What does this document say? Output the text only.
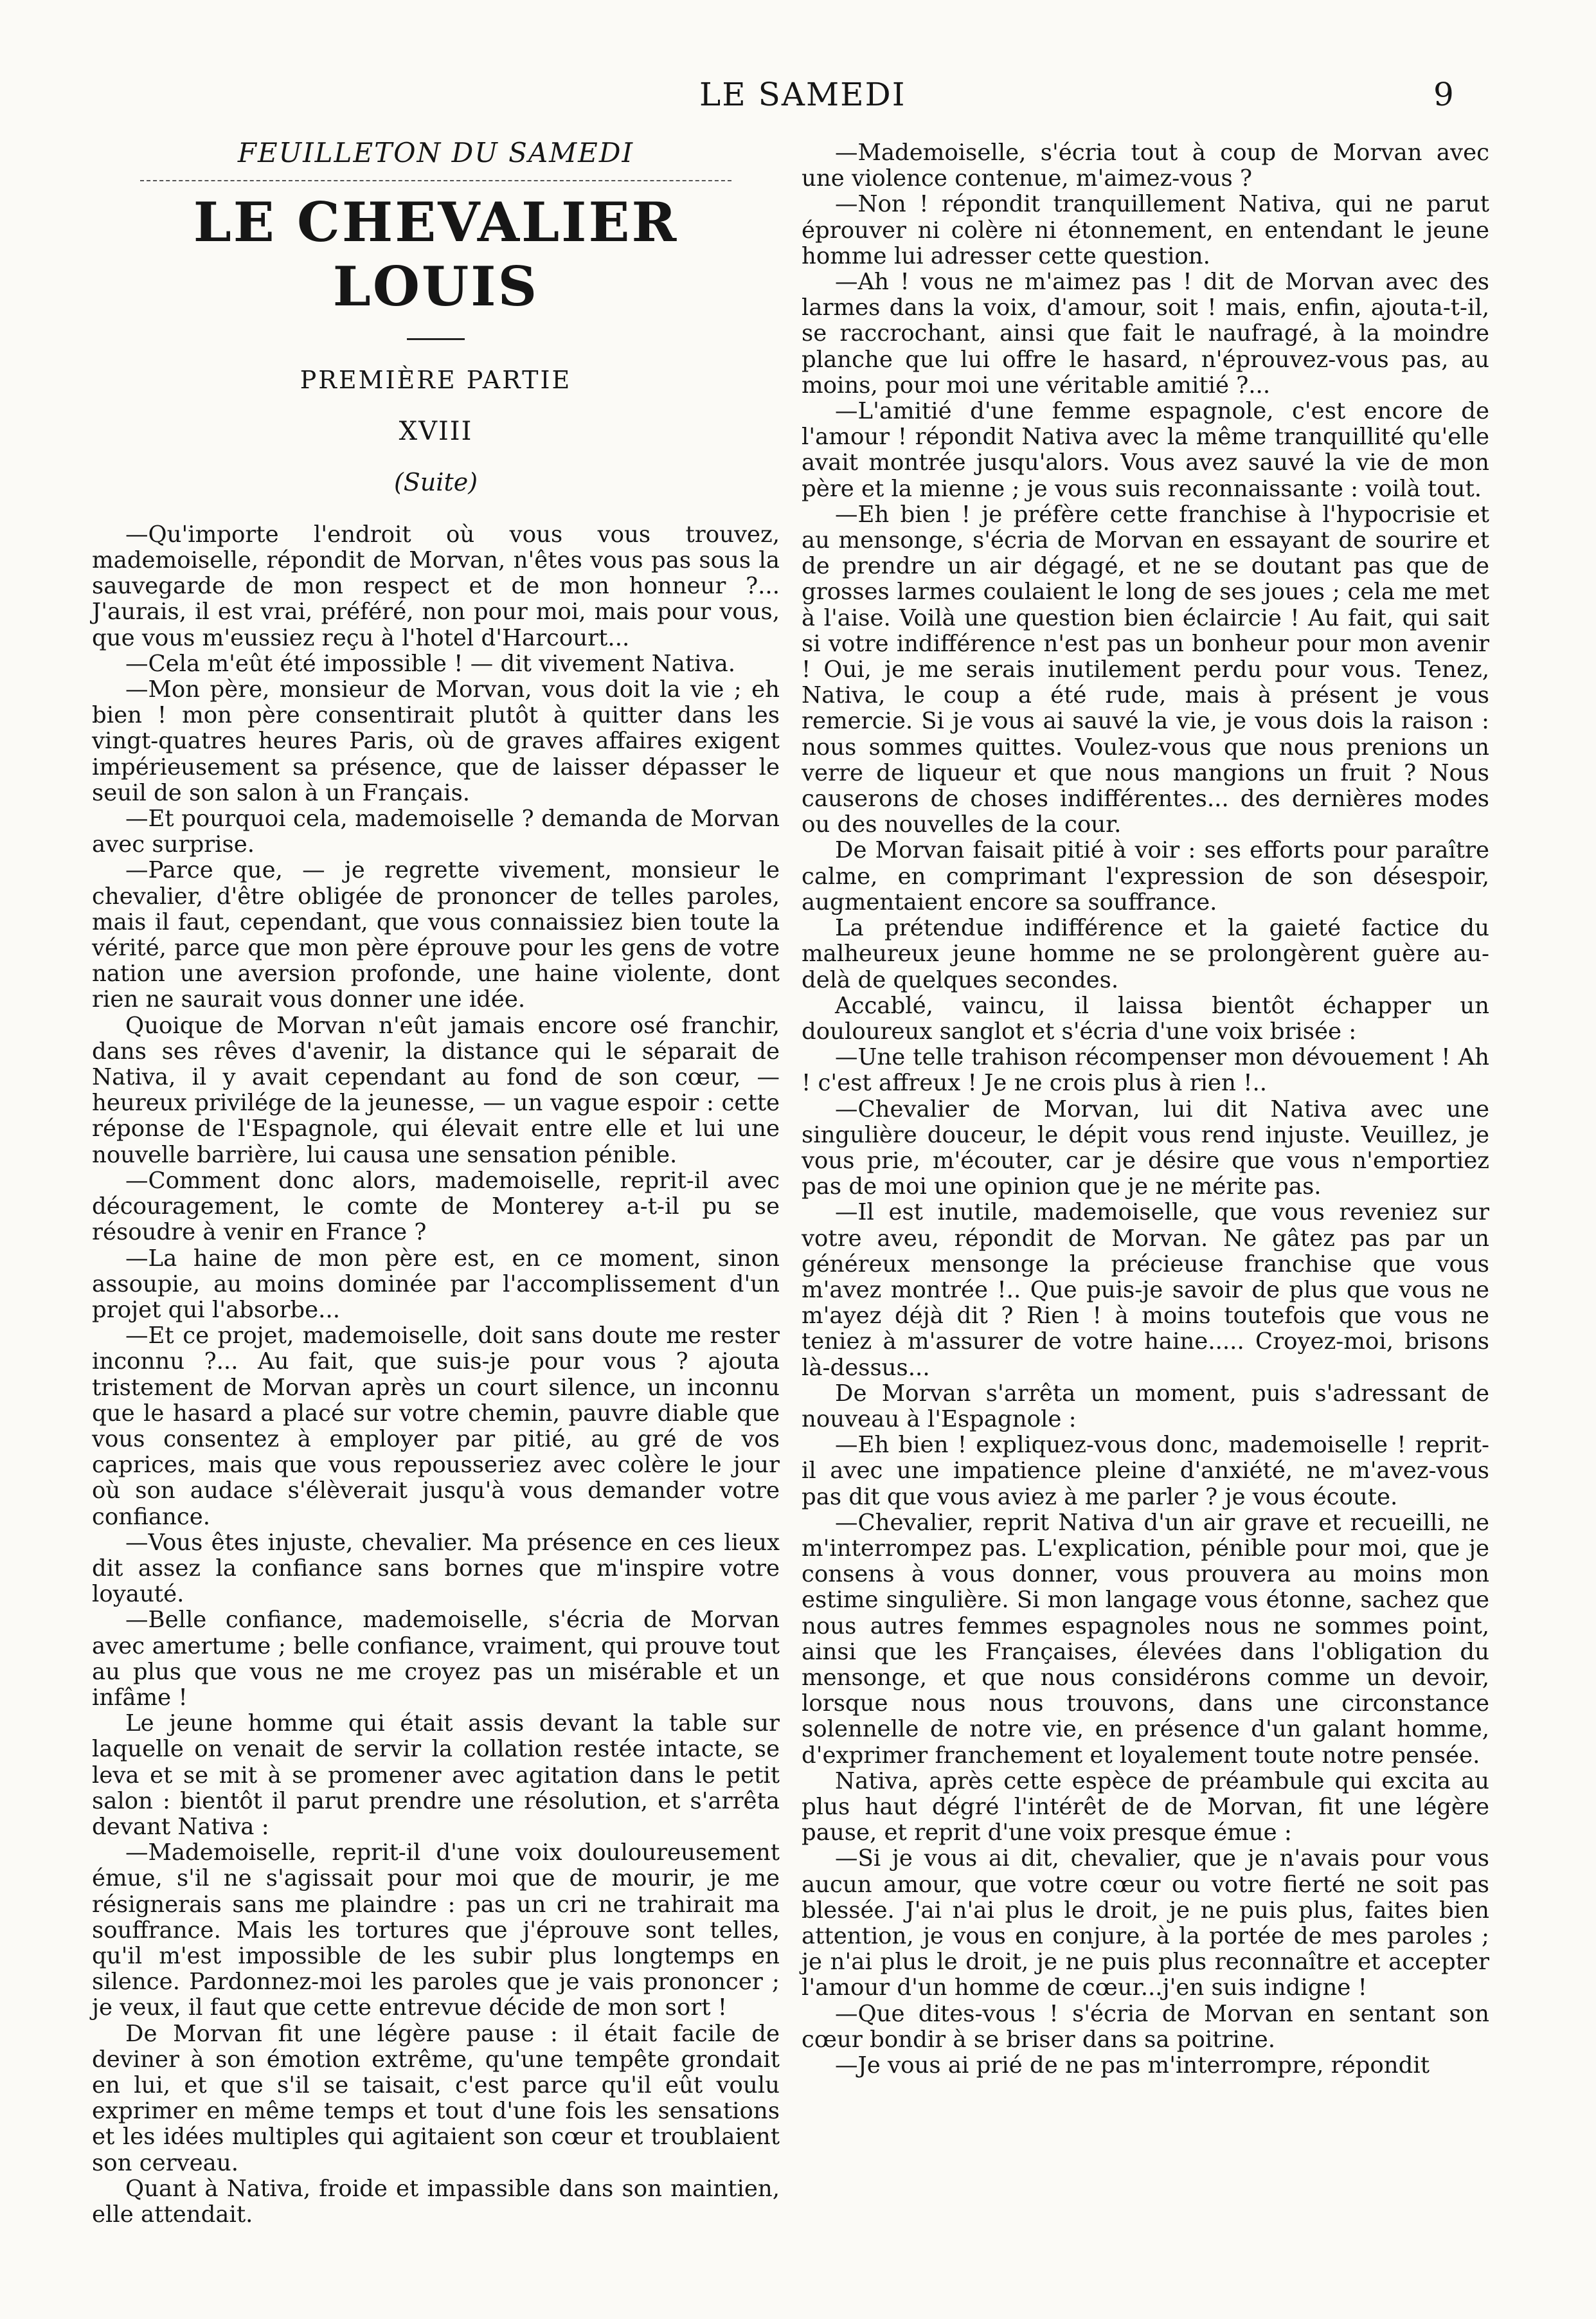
LE SAMEDI	9
FEUILLETON DU SAMEDI
LE CHEVALIER LOUIS
PREMIÈRE PARTIE
XVIII
(Suite)

—Qu'importe l'endroit où vous vous trouvez, mademoiselle, répondit de Morvan, n'êtes vous pas sous la sauvegarde de mon respect et de mon honneur ?... J'aurais, il est vrai, préféré, non pour moi, mais pour vous, que vous m'eussiez reçu à l'hotel d'Harcourt...

—Cela m'eût été impossible ! — dit vivement Nativa.

—Mon père, monsieur de Morvan, vous doit la vie ; eh bien ! mon père consentirait plutôt à quitter dans les vingt-quatres heures Paris, où de graves affaires exigent impérieusement sa présence, que de laisser dépasser le seuil de son salon à un Français.

—Et pourquoi cela, mademoiselle ? demanda de Morvan avec surprise.

—Parce que, — je regrette vivement, monsieur le chevalier, d'être obligée de prononcer de telles paroles, mais il faut, cependant, que vous connaissiez bien toute la vérité, parce que mon père éprouve pour les gens de votre nation une aversion profonde, une haine violente, dont rien ne saurait vous donner une idée.

Quoique de Morvan n'eût jamais encore osé franchir, dans ses rêves d'avenir, la distance qui le séparait de Nativa, il y avait cependant au fond de son cœur, — heureux privilége de la jeunesse, — un vague espoir : cette réponse de l'Espagnole, qui élevait entre elle et lui une nouvelle barrière, lui causa une sensation pénible.

—Comment donc alors, mademoiselle, reprit-il avec découragement, le comte de Monterey a-t-il pu se résoudre à venir en France ?

—La haine de mon père est, en ce moment, sinon assoupie, au moins dominée par l'accomplissement d'un projet qui l'absorbe...

—Et ce projet, mademoiselle, doit sans doute me rester inconnu ?... Au fait, que suis-je pour vous ? ajouta tristement de Morvan après un court silence, un inconnu que le hasard a placé sur votre chemin, pauvre diable que vous consentez à employer par pitié, au gré de vos caprices, mais que vous repousseriez avec colère le jour où son audace s'élèverait jusqu'à vous demander votre confiance.

—Vous êtes injuste, chevalier. Ma présence en ces lieux dit assez la confiance sans bornes que m'inspire votre loyauté.

—Belle confiance, mademoiselle, s'écria de Morvan avec amertume ; belle confiance, vraiment, qui prouve tout au plus que vous ne me croyez pas un misérable et un infâme !

Le jeune homme qui était assis devant la table sur laquelle on venait de servir la collation restée intacte, se leva et se mit à se promener avec agitation dans le petit salon : bientôt il parut prendre une résolution, et s'arrêta devant Nativa :

—Mademoiselle, reprit-il d'une voix douloureusement émue, s'il ne s'agissait pour moi que de mourir, je me résignerais sans me plaindre : pas un cri ne trahirait ma souffrance. Mais les tortures que j'éprouve sont telles, qu'il m'est impossible de les subir plus longtemps en silence. Pardonnez-moi les paroles que je vais prononcer ; je veux, il faut que cette entrevue décide de mon sort !

De Morvan fit une légère pause : il était facile de deviner à son émotion extrême, qu'une tempête grondait en lui, et que s'il se taisait, c'est parce qu'il eût voulu exprimer en même temps et tout d'une fois les sensations et les idées multiples qui agitaient son cœur et troublaient son cerveau.

Quant à Nativa, froide et impassible dans son maintien, elle attendait.

—Mademoiselle, s'écria tout à coup de Morvan avec une violence contenue, m'aimez-vous ?

—Non ! répondit tranquillement Nativa, qui ne parut éprouver ni colère ni étonnement, en entendant le jeune homme lui adresser cette question.

—Ah ! vous ne m'aimez pas ! dit de Morvan avec des larmes dans la voix, d'amour, soit ! mais, enfin, ajouta-t-il, se raccrochant, ainsi que fait le naufragé, à la moindre planche que lui offre le hasard, n'éprouvez-vous pas, au moins, pour moi une véritable amitié ?...

—L'amitié d'une femme espagnole, c'est encore de l'amour ! répondit Nativa avec la même tranquillité qu'elle avait montrée jusqu'alors. Vous avez sauvé la vie de mon père et la mienne ; je vous suis reconnaissante : voilà tout.

—Eh bien ! je préfère cette franchise à l'hypocrisie et au mensonge, s'écria de Morvan en essayant de sourire et de prendre un air dégagé, et ne se doutant pas que de grosses larmes coulaient le long de ses joues ; cela me met à l'aise. Voilà une question bien éclaircie ! Au fait, qui sait si votre indifférence n'est pas un bonheur pour mon avenir ! Oui, je me serais inutilement perdu pour vous. Tenez, Nativa, le coup a été rude, mais à présent je vous remercie. Si je vous ai sauvé la vie, je vous dois la raison : nous sommes quittes. Voulez-vous que nous prenions un verre de liqueur et que nous mangions un fruit ? Nous causerons de choses indifférentes... des dernières modes ou des nouvelles de la cour.

De Morvan faisait pitié à voir : ses efforts pour paraître calme, en comprimant l'expression de son désespoir, augmentaient encore sa souffrance.

La prétendue indifférence et la gaieté factice du malheureux jeune homme ne se prolongèrent guère au-delà de quelques secondes.

Accablé, vaincu, il laissa bientôt échapper un douloureux sanglot et s'écria d'une voix brisée :

—Une telle trahison récompenser mon dévouement ! Ah ! c'est affreux ! Je ne crois plus à rien !..

—Chevalier de Morvan, lui dit Nativa avec une singulière douceur, le dépit vous rend injuste. Veuillez, je vous prie, m'écouter, car je désire que vous n'emportiez pas de moi une opinion que je ne mérite pas.

—Il est inutile, mademoiselle, que vous reveniez sur votre aveu, répondit de Morvan. Ne gâtez pas par un généreux mensonge la précieuse franchise que vous m'avez montrée !.. Que puis-je savoir de plus que vous ne m'ayez déjà dit ? Rien ! à moins toutefois que vous ne teniez à m'assurer de votre haine..... Croyez-moi, brisons là-dessus...

De Morvan s'arrêta un moment, puis s'adressant de nouveau à l'Espagnole :

—Eh bien ! expliquez-vous donc, mademoiselle ! reprit-il avec une impatience pleine d'anxiété, ne m'avez-vous pas dit que vous aviez à me parler ? je vous écoute.

—Chevalier, reprit Nativa d'un air grave et recueilli, ne m'interrompez pas. L'explication, pénible pour moi, que je consens à vous donner, vous prouvera au moins mon estime singulière. Si mon langage vous étonne, sachez que nous autres femmes espagnoles nous ne sommes point, ainsi que les Françaises, élevées dans l'obligation du mensonge, et que nous considérons comme un devoir, lorsque nous nous trouvons, dans une circonstance solennelle de notre vie, en présence d'un galant homme, d'exprimer franchement et loyalement toute notre pensée.

Nativa, après cette espèce de préambule qui excita au plus haut dégré l'intérêt de de Morvan, fit une légère pause, et reprit d'une voix presque émue :

—Si je vous ai dit, chevalier, que je n'avais pour vous aucun amour, que votre cœur ou votre fierté ne soit pas blessée. J'ai n'ai plus le droit, je ne puis plus, faites bien attention, je vous en conjure, à la portée de mes paroles ; je n'ai plus le droit, je ne puis plus reconnaître et accepter l'amour d'un homme de cœur...j'en suis indigne !

—Que dites-vous ! s'écria de Morvan en sentant son cœur bondir à se briser dans sa poitrine.

—Je vous ai prié de ne pas m'interrompre, répondit
